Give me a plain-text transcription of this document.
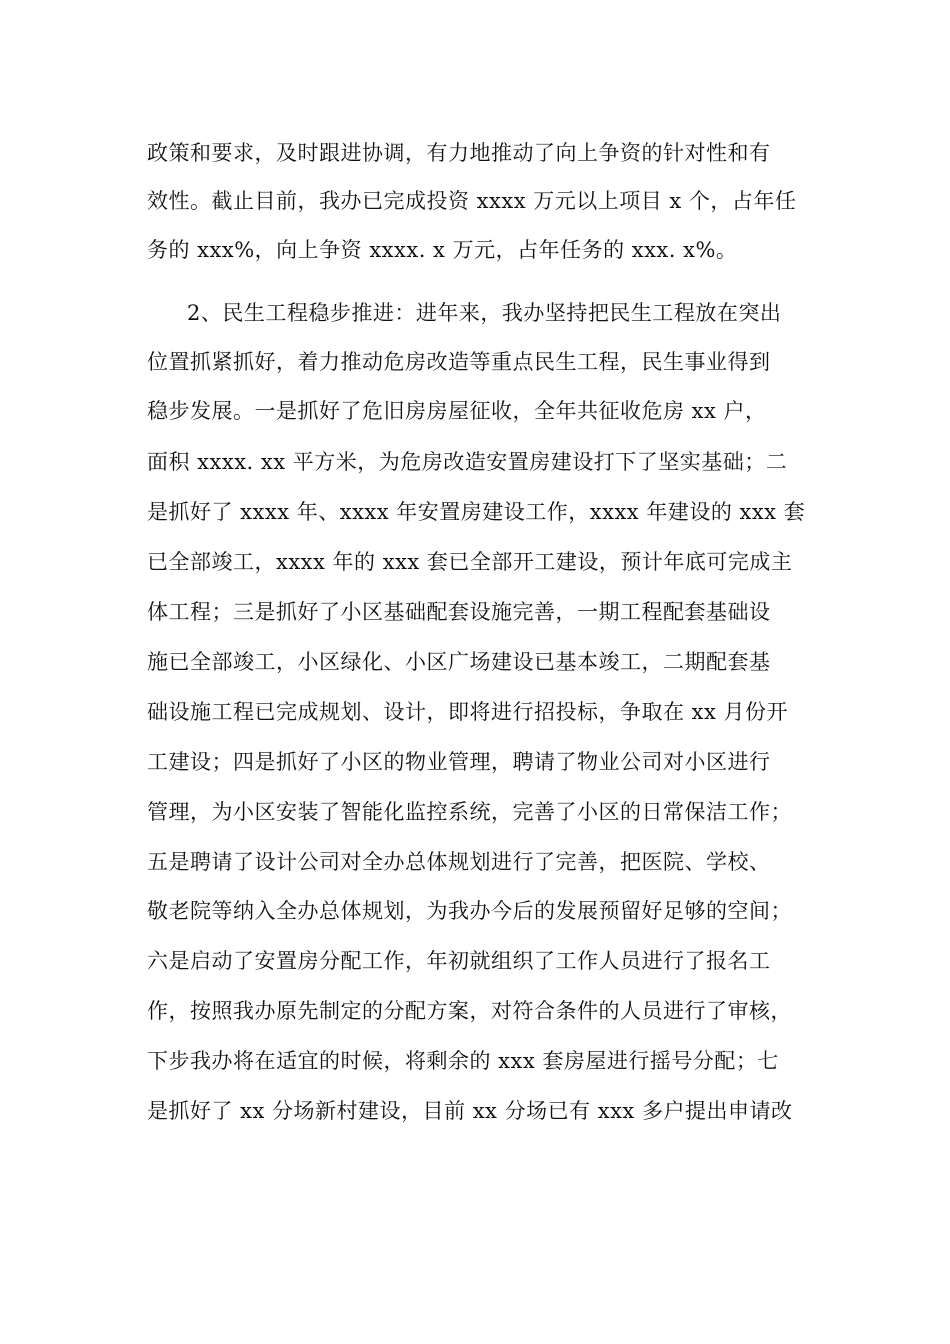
政策和要求，及时跟进协调，有力地推动了向上争资的针对性和有
效性。截止目前，我办已完成投资 xxxx 万元以上项目 x 个，占年任
务的 xxx%，向上争资 xxxx. x 万元，占年任务的 xxx. x%。
2、民生工程稳步推进：进年来，我办坚持把民生工程放在突出
位置抓紧抓好，着力推动危房改造等重点民生工程，民生事业得到
稳步发展。一是抓好了危旧房房屋征收，全年共征收危房 xx 户，
面积 xxxx. xx 平方米，为危房改造安置房建设打下了坚实基础；二
是抓好了 xxxx 年、xxxx 年安置房建设工作，xxxx 年建设的 xxx 套
已全部竣工，xxxx 年的 xxx 套已全部开工建设，预计年底可完成主
体工程；三是抓好了小区基础配套设施完善，一期工程配套基础设
施已全部竣工，小区绿化、小区广场建设已基本竣工，二期配套基
础设施工程已完成规划、设计，即将进行招投标，争取在 xx 月份开
工建设；四是抓好了小区的物业管理，聘请了物业公司对小区进行
管理，为小区安装了智能化监控系统，完善了小区的日常保洁工作；
五是聘请了设计公司对全办总体规划进行了完善，把医院、学校、
敬老院等纳入全办总体规划，为我办今后的发展预留好足够的空间；
六是启动了安置房分配工作，年初就组织了工作人员进行了报名工
作，按照我办原先制定的分配方案，对符合条件的人员进行了审核，
下步我办将在适宜的时候，将剩余的 xxx 套房屋进行摇号分配；七
是抓好了 xx 分场新村建设，目前 xx 分场已有 xxx 多户提出申请改
